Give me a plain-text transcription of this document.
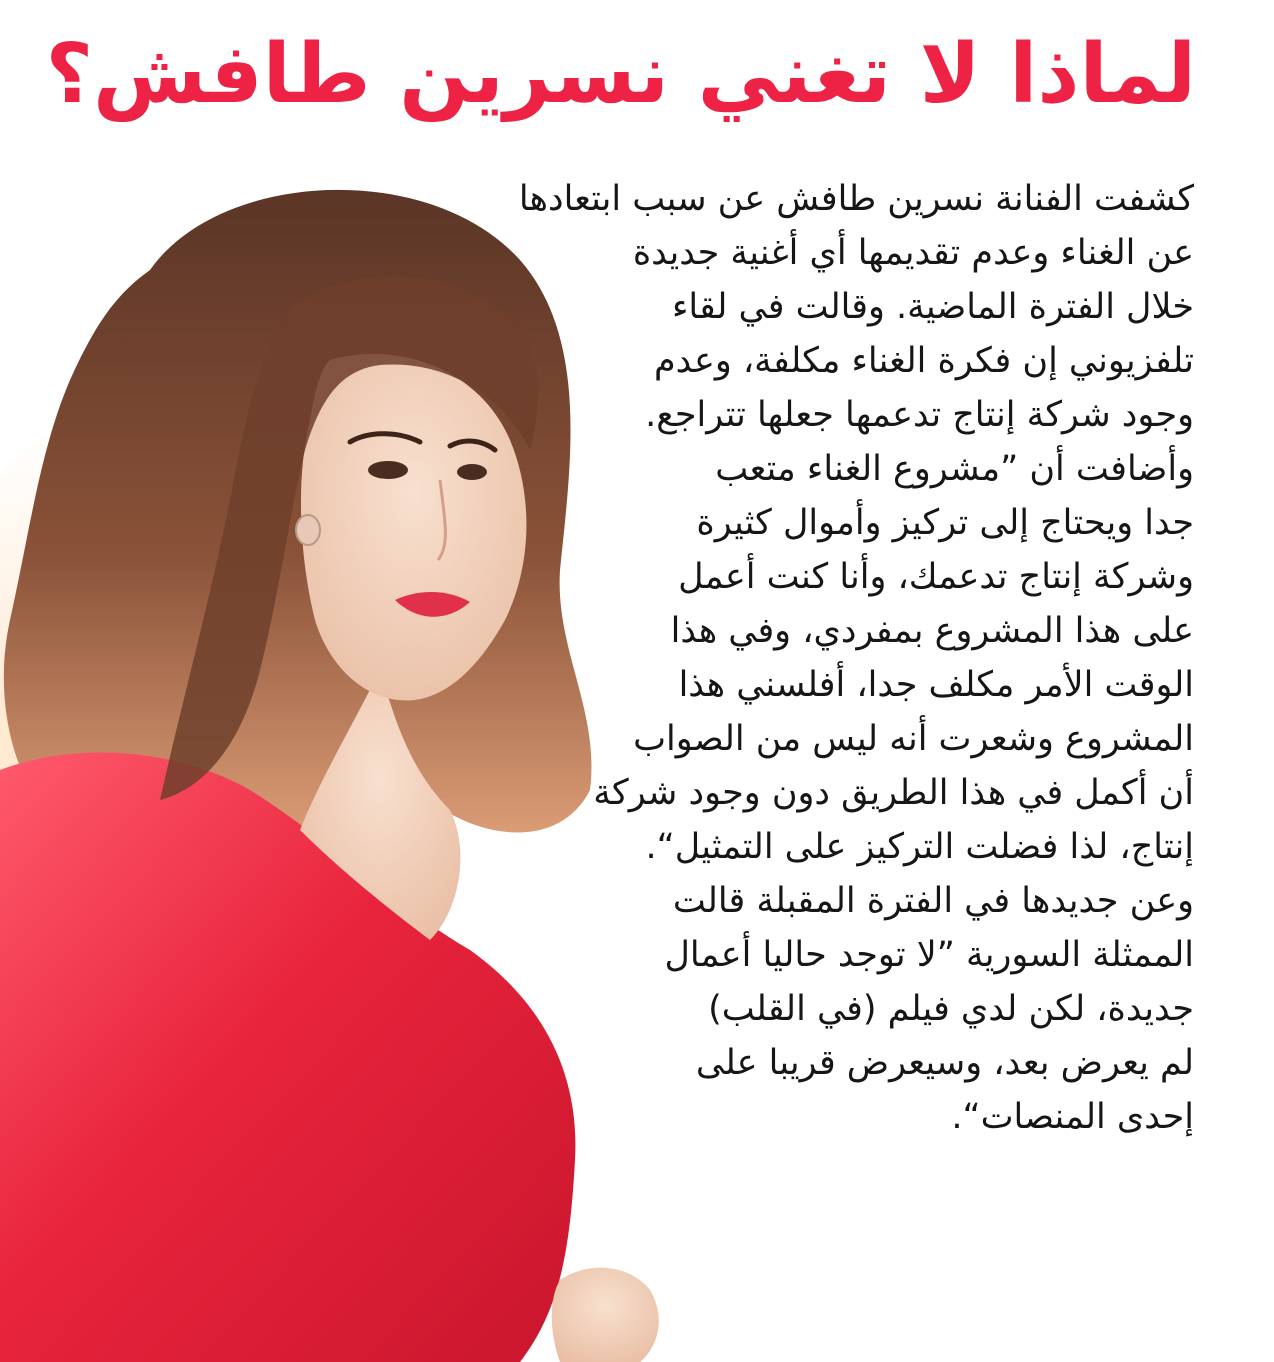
لماذا لا تغني نسرين طافش؟
كشفت الفنانة نسرين طافش عن سبب ابتعادها
عن الغناء وعدم تقديمها أي أغنية جديدة
خلال الفترة الماضية. وقالت في لقاء
تلفزيوني إن فكرة الغناء مكلفة، وعدم
وجود شركة إنتاج تدعمها جعلها تتراجع.
وأضافت أن ”مشروع الغناء متعب
جدا ويحتاج إلى تركيز وأموال كثيرة
وشركة إنتاج تدعمك، وأنا كنت أعمل
على هذا المشروع بمفردي، وفي هذا
الوقت الأمر مكلف جدا، أفلسني هذا
المشروع وشعرت أنه ليس من الصواب
أن أكمل في هذا الطريق دون وجود شركة
إنتاج، لذا فضلت التركيز على التمثيل“.
وعن جديدها في الفترة المقبلة قالت
الممثلة السورية ”لا توجد حاليا أعمال
جديدة، لكن لدي فيلم (في القلب)
لم يعرض بعد، وسيعرض قريبا على
إحدى المنصات“.
